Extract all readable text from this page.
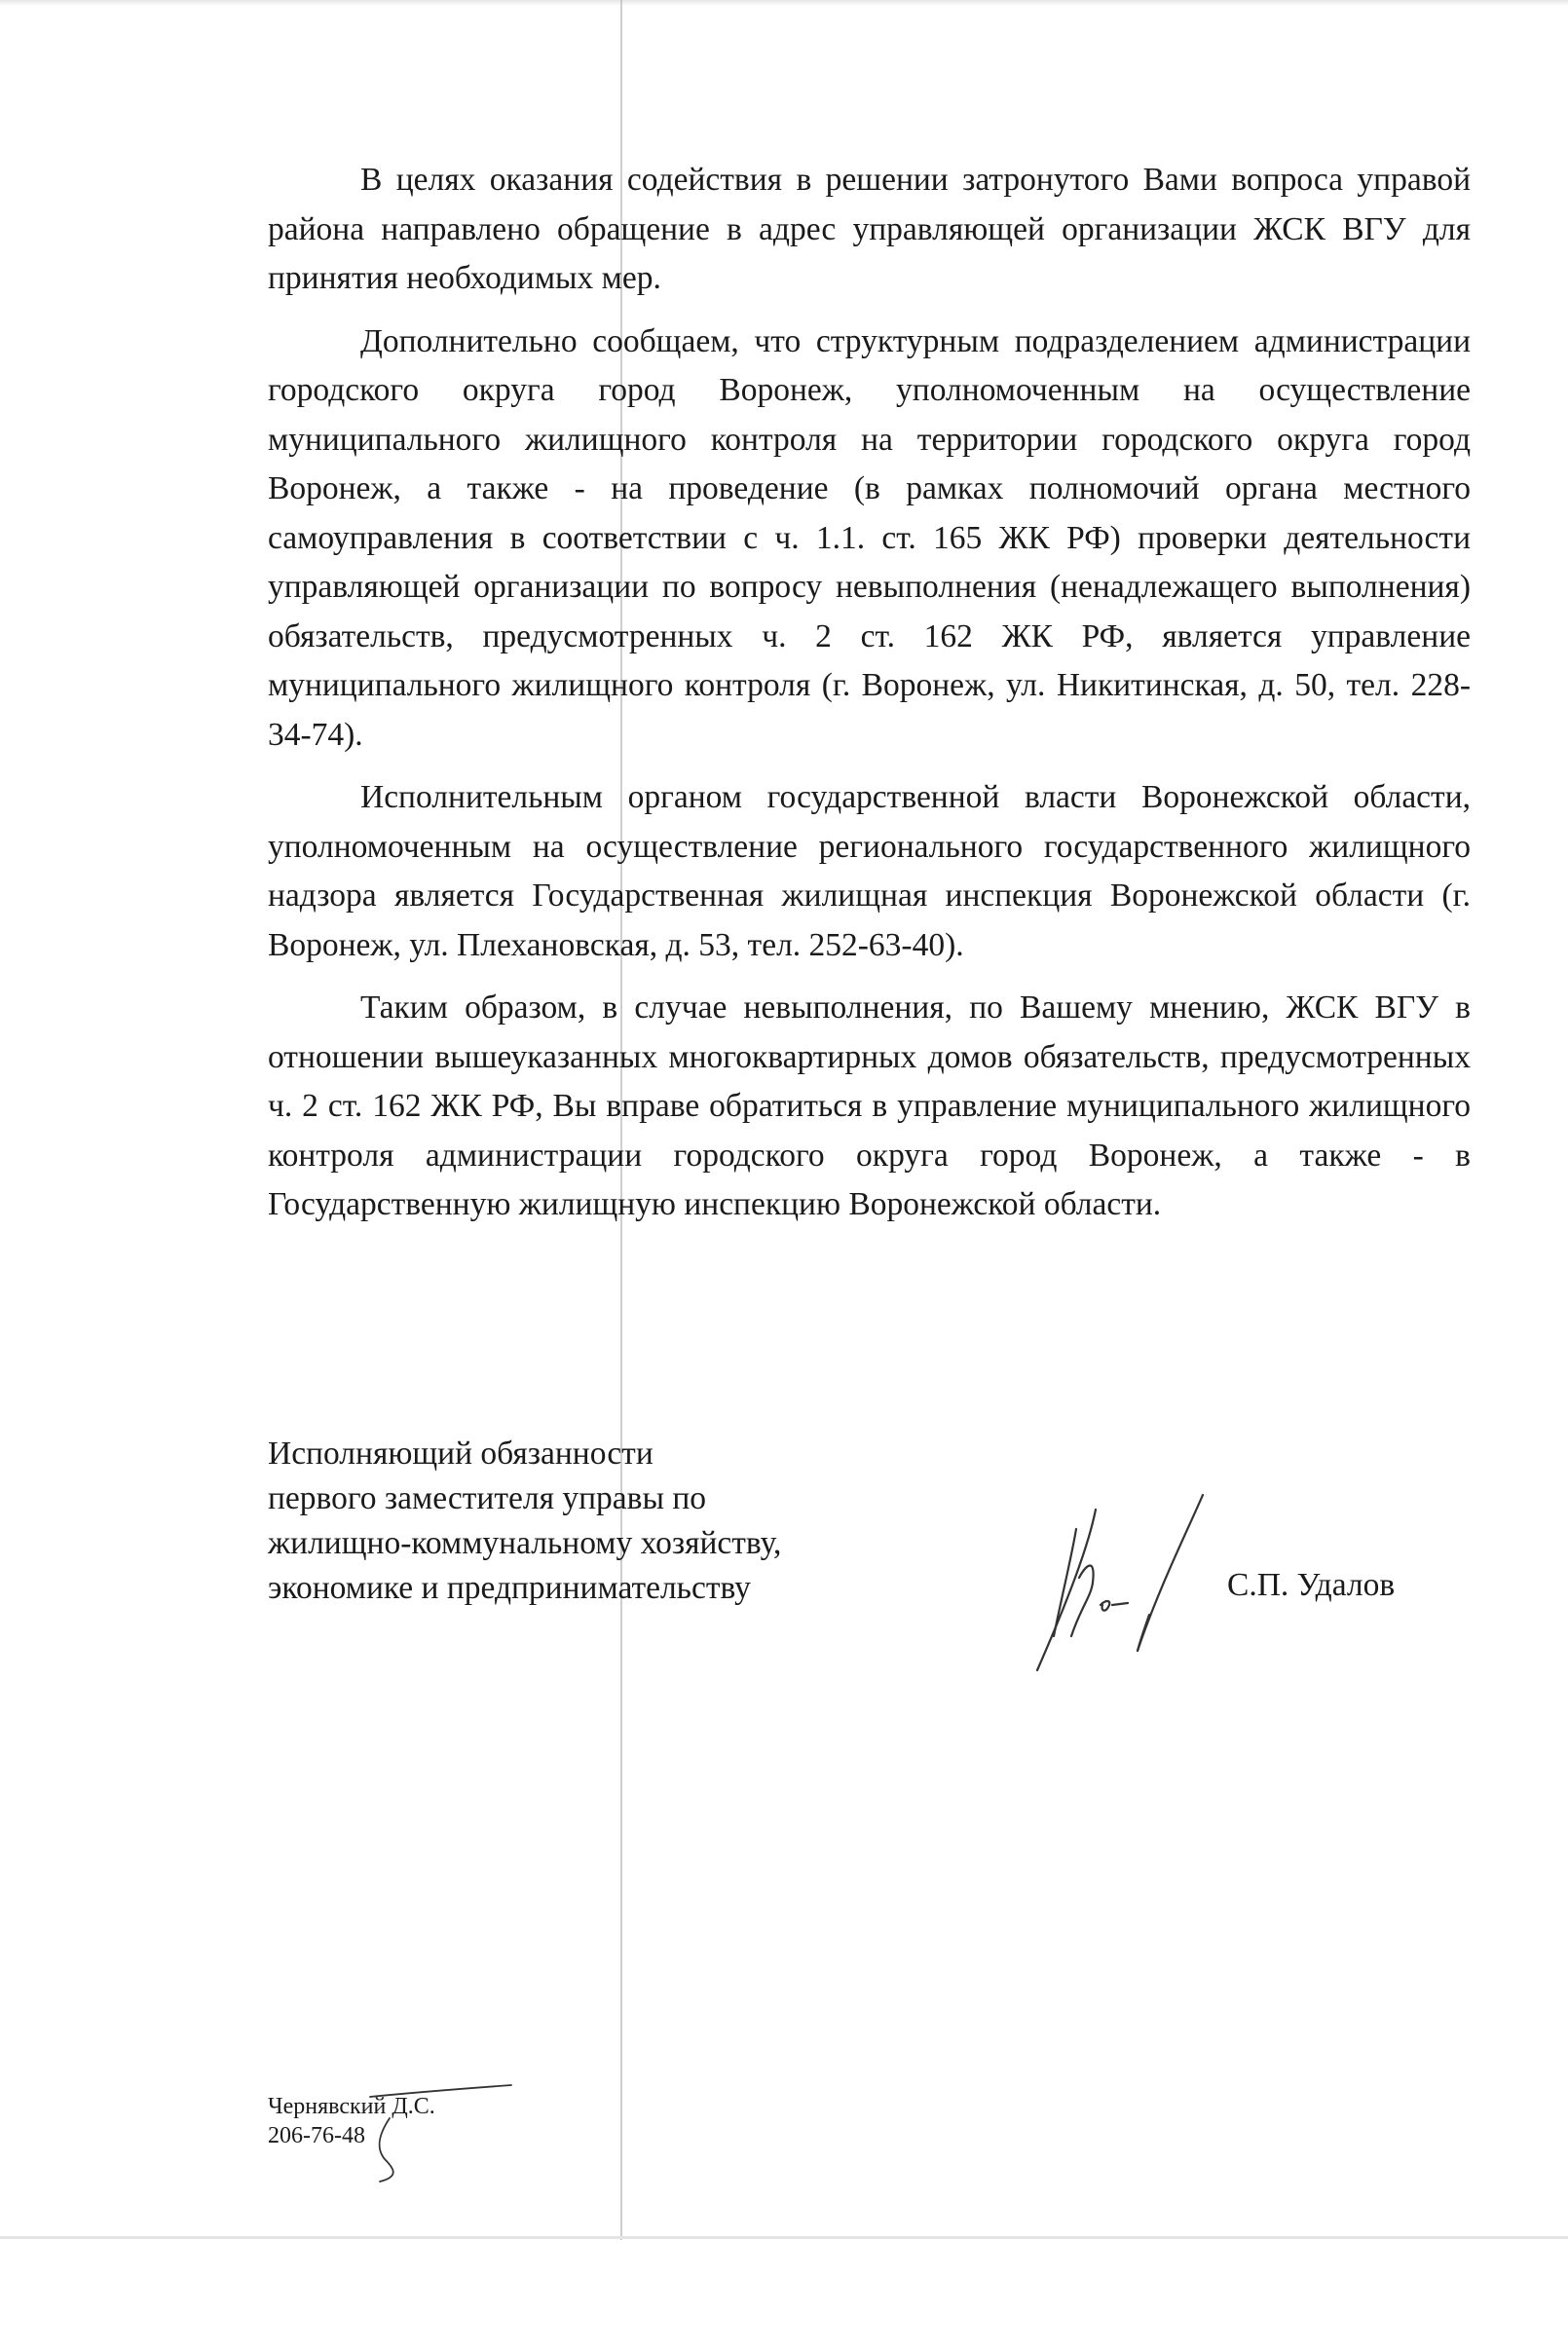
В целях оказания содействия в решении затронутого Вами вопроса управой района направлено обращение в адрес управляющей организации ЖСК ВГУ для принятия необходимых мер.

Дополнительно сообщаем, что структурным подразделением администрации городского округа город Воронеж, уполномоченным на осуществление муниципального жилищного контроля на территории городского округа город Воронеж, а также - на проведение (в рамках полномочий органа местного самоуправления в соответствии с ч. 1.1. ст. 165 ЖК РФ) проверки деятельности управляющей организации по вопросу невыполнения (ненадлежащего выполнения) обязательств, предусмотренных ч. 2 ст. 162 ЖК РФ, является управление муниципального жилищного контроля (г. Воронеж, ул. Никитинская, д. 50, тел. 228-34-74).

Исполнительным органом государственной власти Воронежской области, уполномоченным на осуществление регионального государственного жилищного надзора является Государственная жилищная инспекция Воронежской области (г. Воронеж, ул. Плехановская, д. 53, тел. 252-63-40).

Таким образом, в случае невыполнения, по Вашему мнению, ЖСК ВГУ в отношении вышеуказанных многоквартирных домов обязательств, предусмотренных ч. 2 ст. 162 ЖК РФ, Вы вправе обратиться в управление муниципального жилищного контроля администрации городского округа город Воронеж, а также - в Государственную жилищную инспекцию Воронежской области.

Исполняющий обязанности
первого заместителя управы по
жилищно-коммунальному хозяйству,
экономике и предпринимательству	С.П. Удалов
Чернявский Д.С.
206-76-48
